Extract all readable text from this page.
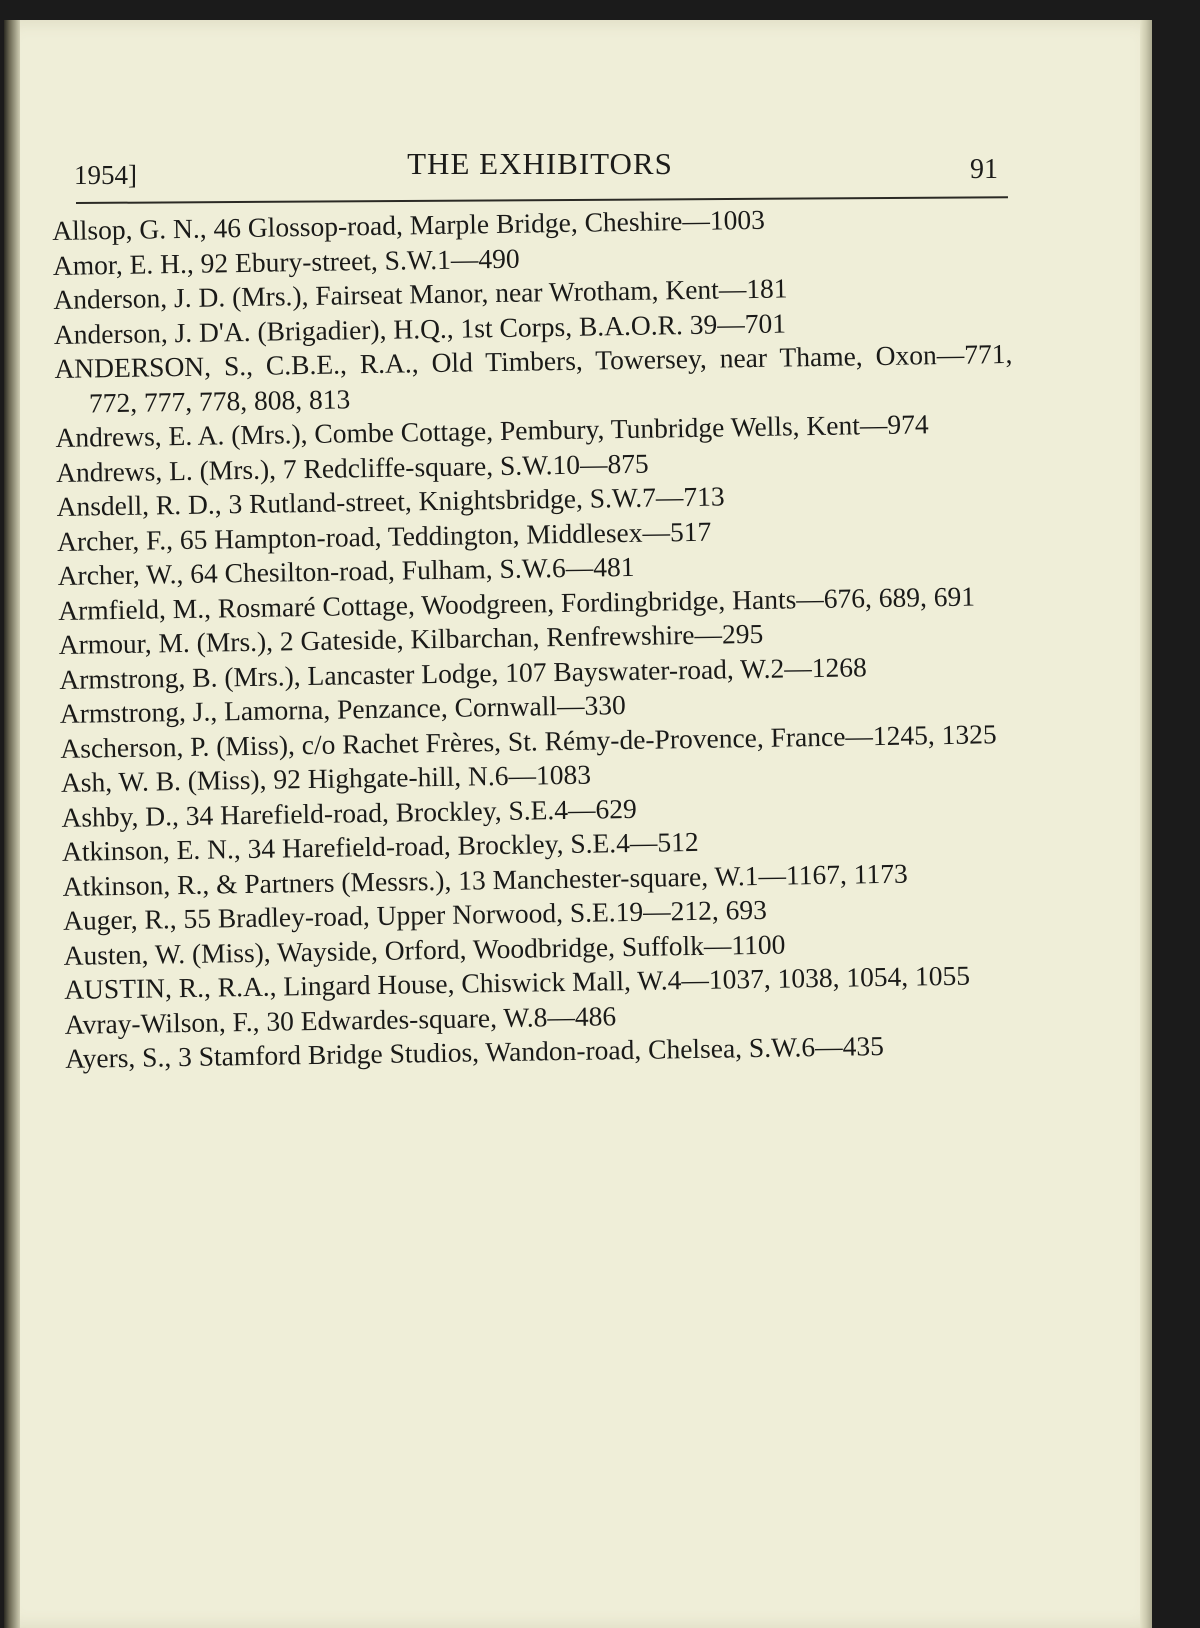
1954]	THE EXHIBITORS	91
Allsop, G. N., 46 Glossop-road, Marple Bridge, Cheshire—1003
Amor, E. H., 92 Ebury-street, S.W.1—490
Anderson, J. D. (Mrs.), Fairseat Manor, near Wrotham, Kent—181
Anderson, J. D'A. (Brigadier), H.Q., 1st Corps, B.A.O.R. 39—701
ANDERSON, S., C.B.E., R.A., Old Timbers, Towersey, near Thame, Oxon—771, 772, 777, 778, 808, 813
Andrews, E. A. (Mrs.), Combe Cottage, Pembury, Tunbridge Wells, Kent—974
Andrews, L. (Mrs.), 7 Redcliffe-square, S.W.10—875
Ansdell, R. D., 3 Rutland-street, Knightsbridge, S.W.7—713
Archer, F., 65 Hampton-road, Teddington, Middlesex—517
Archer, W., 64 Chesilton-road, Fulham, S.W.6—481
Armfield, M., Rosmaré Cottage, Woodgreen, Fordingbridge, Hants—676, 689, 691
Armour, M. (Mrs.), 2 Gateside, Kilbarchan, Renfrewshire—295
Armstrong, B. (Mrs.), Lancaster Lodge, 107 Bayswater-road, W.2—1268
Armstrong, J., Lamorna, Penzance, Cornwall—330
Ascherson, P. (Miss), c/o Rachet Frères, St. Rémy-de-Provence, France—1245, 1325
Ash, W. B. (Miss), 92 Highgate-hill, N.6—1083
Ashby, D., 34 Harefield-road, Brockley, S.E.4—629
Atkinson, E. N., 34 Harefield-road, Brockley, S.E.4—512
Atkinson, R., & Partners (Messrs.), 13 Manchester-square, W.1—1167, 1173
Auger, R., 55 Bradley-road, Upper Norwood, S.E.19—212, 693
Austen, W. (Miss), Wayside, Orford, Woodbridge, Suffolk—1100
AUSTIN, R., R.A., Lingard House, Chiswick Mall, W.4—1037, 1038, 1054, 1055
Avray-Wilson, F., 30 Edwardes-square, W.8—486
Ayers, S., 3 Stamford Bridge Studios, Wandon-road, Chelsea, S.W.6—435
